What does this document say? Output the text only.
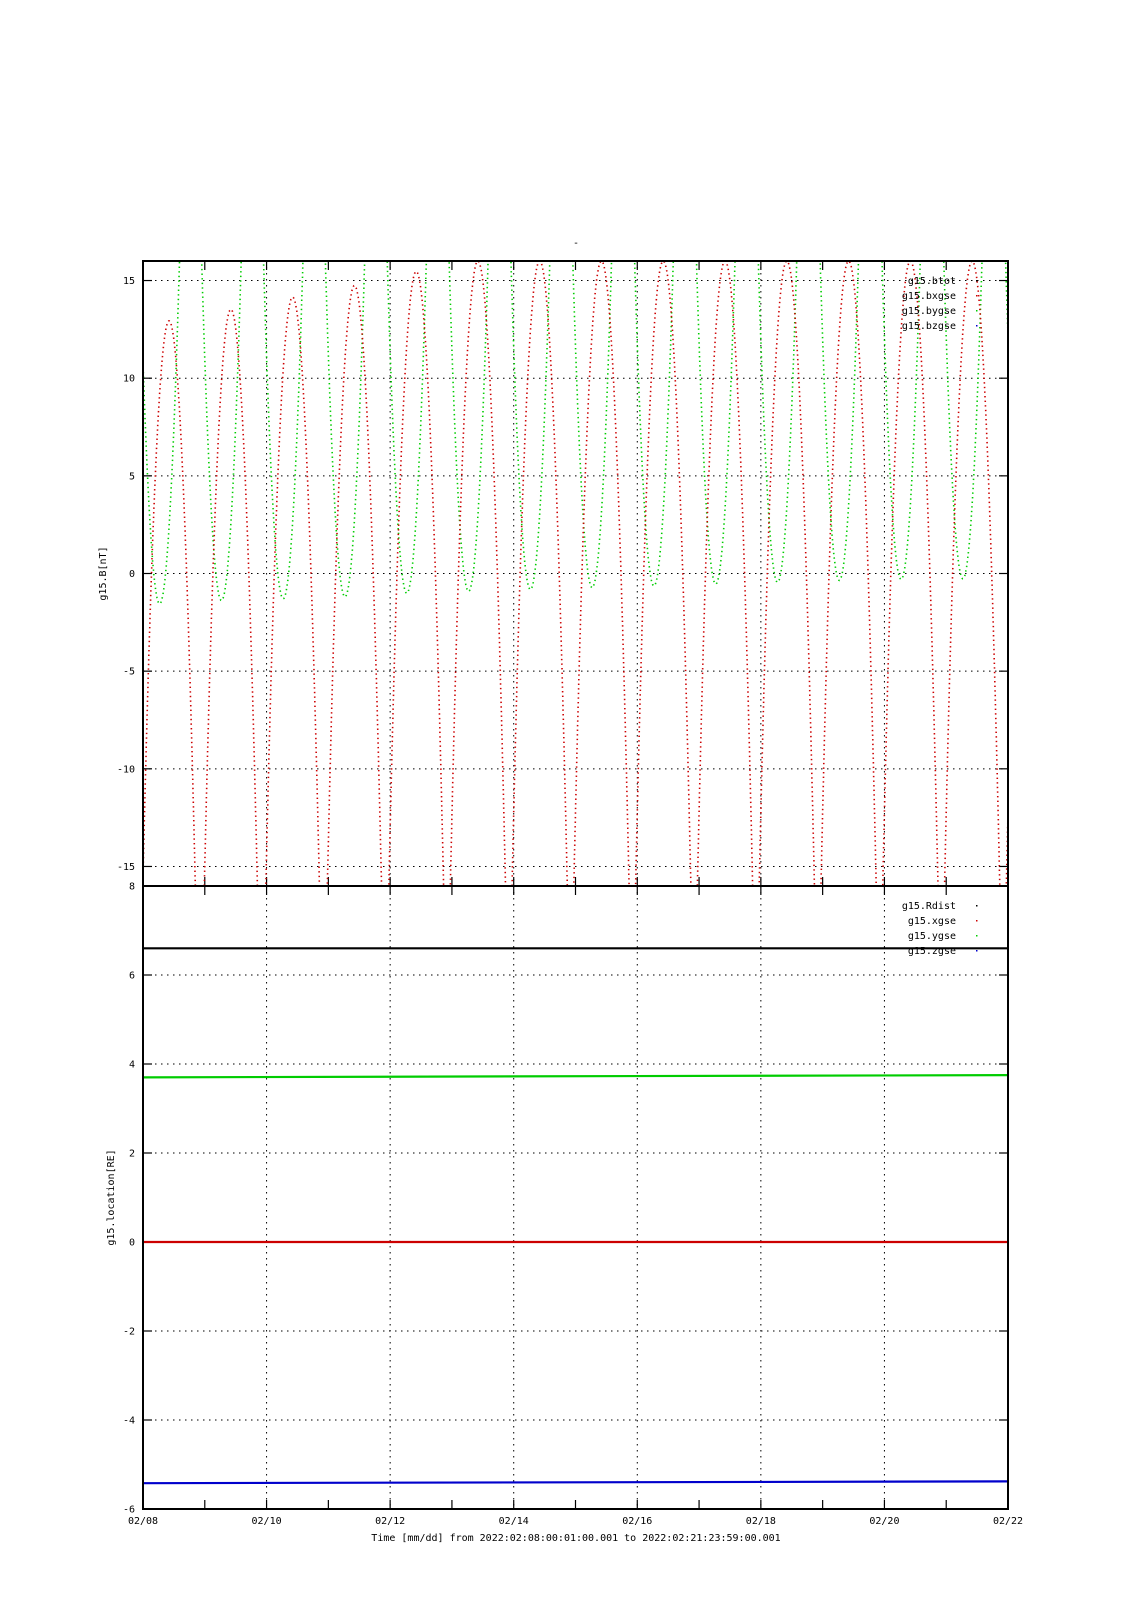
-
15
10
5
0
-5
-10
-15
g15.B[nT]
g15.btot
g15.bxgse
g15.bygse
g15.bzgse
8
6
4
2
0
-2
-4
-6
g15.location[RE]
g15.Rdist
g15.xgse
g15.ygse
g15.zgse
02/08	02/10	02/12	02/14	02/16	02/18	02/20	02/22
Time [mm/dd] from 2022:02:08:00:01:00.001 to 2022:02:21:23:59:00.001
